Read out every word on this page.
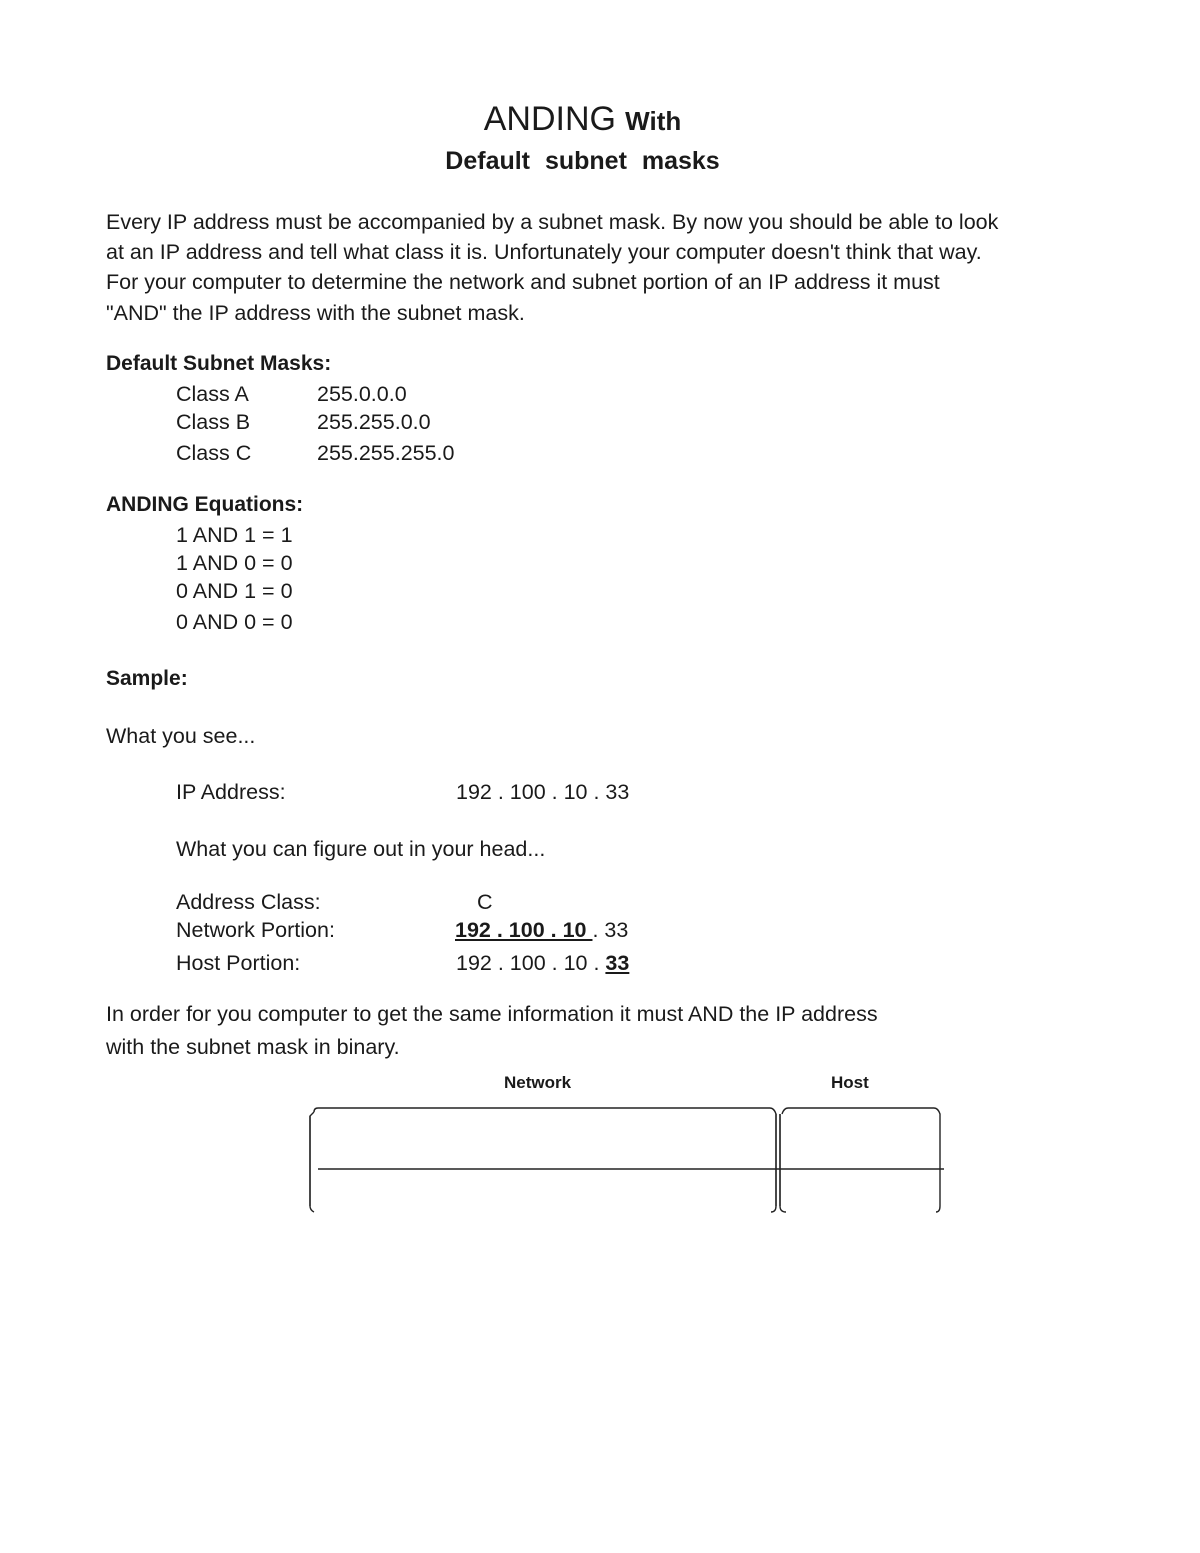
ANDING With
Default subnet masks
Every IP address must be accompanied by a subnet mask. By now you should be able to look
at an IP address and tell what class it is. Unfortunately your computer doesn't think that way.
For your computer to determine the network and subnet portion of an IP address it must
"AND" the IP address with the subnet mask.
Default Subnet Masks:
Class A	255.0.0.0
Class B	255.255.0.0
Class C	255.255.255.0
ANDING Equations:
1 AND 1 = 1
1 AND 0 = 0
0 AND 1 = 0
0 AND 0 = 0
Sample:
What you see...
IP Address:	192 . 100 . 10 . 33
What you can figure out in your head...
Address Class:	C
Network Portion:	192 . 100 . 10 . 33
Host Portion:	192 . 100 . 10 . 33
In order for you computer to get the same information it must AND the IP address
with the subnet mask in binary.
Network	Host
